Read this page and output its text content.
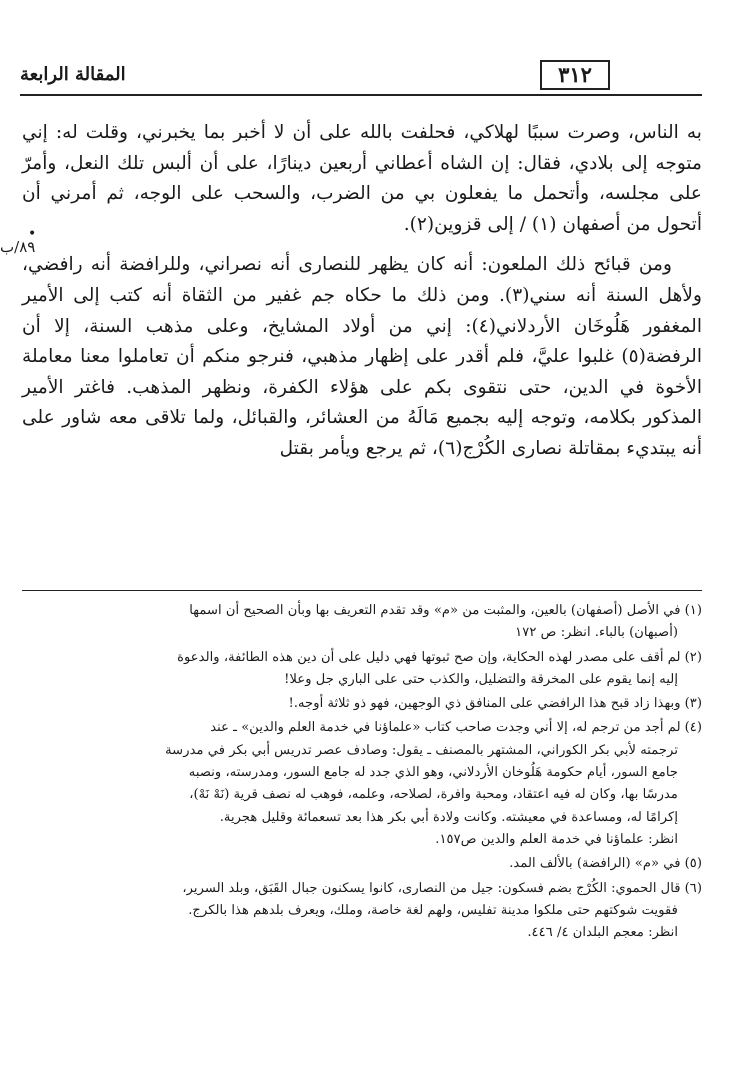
٣١٢
المقالة الرابعة
•
٨٩/ب

به الناس، وصرت سببًا لهلاكي، فحلفت بالله على أن لا أخبر بما يخبرني، وقلت له: إني متوجه إلى بلادي، فقال: إن الشاه أعطاني أربعين دينارًا، على أن ألبس تلك النعل، وأمرّ على مجلسه، وأتحمل ما يفعلون بي من الضرب، والسحب على الوجه، ثم أمرني أن أتحول من أصفهان (١) / إلى قزوين(٢).

ومن قبائح ذلك الملعون: أنه كان يظهر للنصارى أنه نصراني، وللرافضة أنه رافضي، ولأهل السنة أنه سني(٣). ومن ذلك ما حكاه جم غفير من الثقاة أنه كتب إلى الأمير المغفور هَلُوخَان الأردلاني(٤): إني من أولاد المشايخ، وعلى مذهب السنة، إلا أن الرفضة(٥) غلبوا عليَّ، فلم أقدر على إظهار مذهبي، فنرجو منكم أن تعاملوا معنا معاملة الأخوة في الدين، حتى نتقوى بكم على هؤلاء الكفرة، ونظهر المذهب. فاغتر الأمير المذكور بكلامه، وتوجه إليه بجميع مَالَهُ من العشائر، والقبائل، ولما تلاقى معه شاور على أنه يبتديء بمقاتلة نصارى الكُرْج(٦)، ثم يرجع ويأمر بقتل

(١)في الأصل (أصفهان) بالعين، والمثبت من «م» وقد تقدم التعريف بها وبأن الصحيح أن اسمها

(أصبهان) بالباء. انظر: ص ١٧٢

(٢)لم أقف على مصدر لهذه الحكاية، وإن صح ثبوتها فهي دليل على أن دين هذه الطائفة، والدعوة

إليه إنما يقوم على المخرقة والتضليل، والكذب حتى على الباري جل وعلا!

(٣)وبهذا زاد قبح هذا الرافضي على المنافق ذي الوجهين، فهو ذو ثلاثة أوجه.!

(٤)لم أجد من ترجم له، إلا أني وجدت صاحب كتاب «علماؤنا في خدمة العلم والدين» ـ عند

ترجمته لأبي بكر الكوراني، المشتهر بالمصنف ـ يقول: وصادف عصر تدريس أبي بكر في مدرسة

جامع السور، أيام حكومة هَلُوخان الأردلاني، وهو الذي جدد له جامع السور، ومدرسته، ونصبه

مدرسًا بها، وكان له فيه اعتقاد، ومحبة وافرة، لصلاحه، وعلمه، فوهب له نصف قرية (نَهْ نَهْ)،

إكرامًا له، ومساعدة في معيشته. وكانت ولادة أبي بكر هذا بعد تسعمائة وقليل هجرية.

انظر: علماؤنا في خدمة العلم والدين ص١٥٧.

(٥)في «م» (الرافضة) بالألف المد.

(٦)قال الحموي: الكُرْج بضم فسكون: جيل من النصارى، كانوا يسكنون جبال القَبَق، وبلد السرير،

فقويت شوكتهم حتى ملكوا مدينة تفليس، ولهم لغة خاصة، وملك، ويعرف بلدهم هذا بالكرج.

انظر: معجم البلدان ٤/ ٤٤٦.
